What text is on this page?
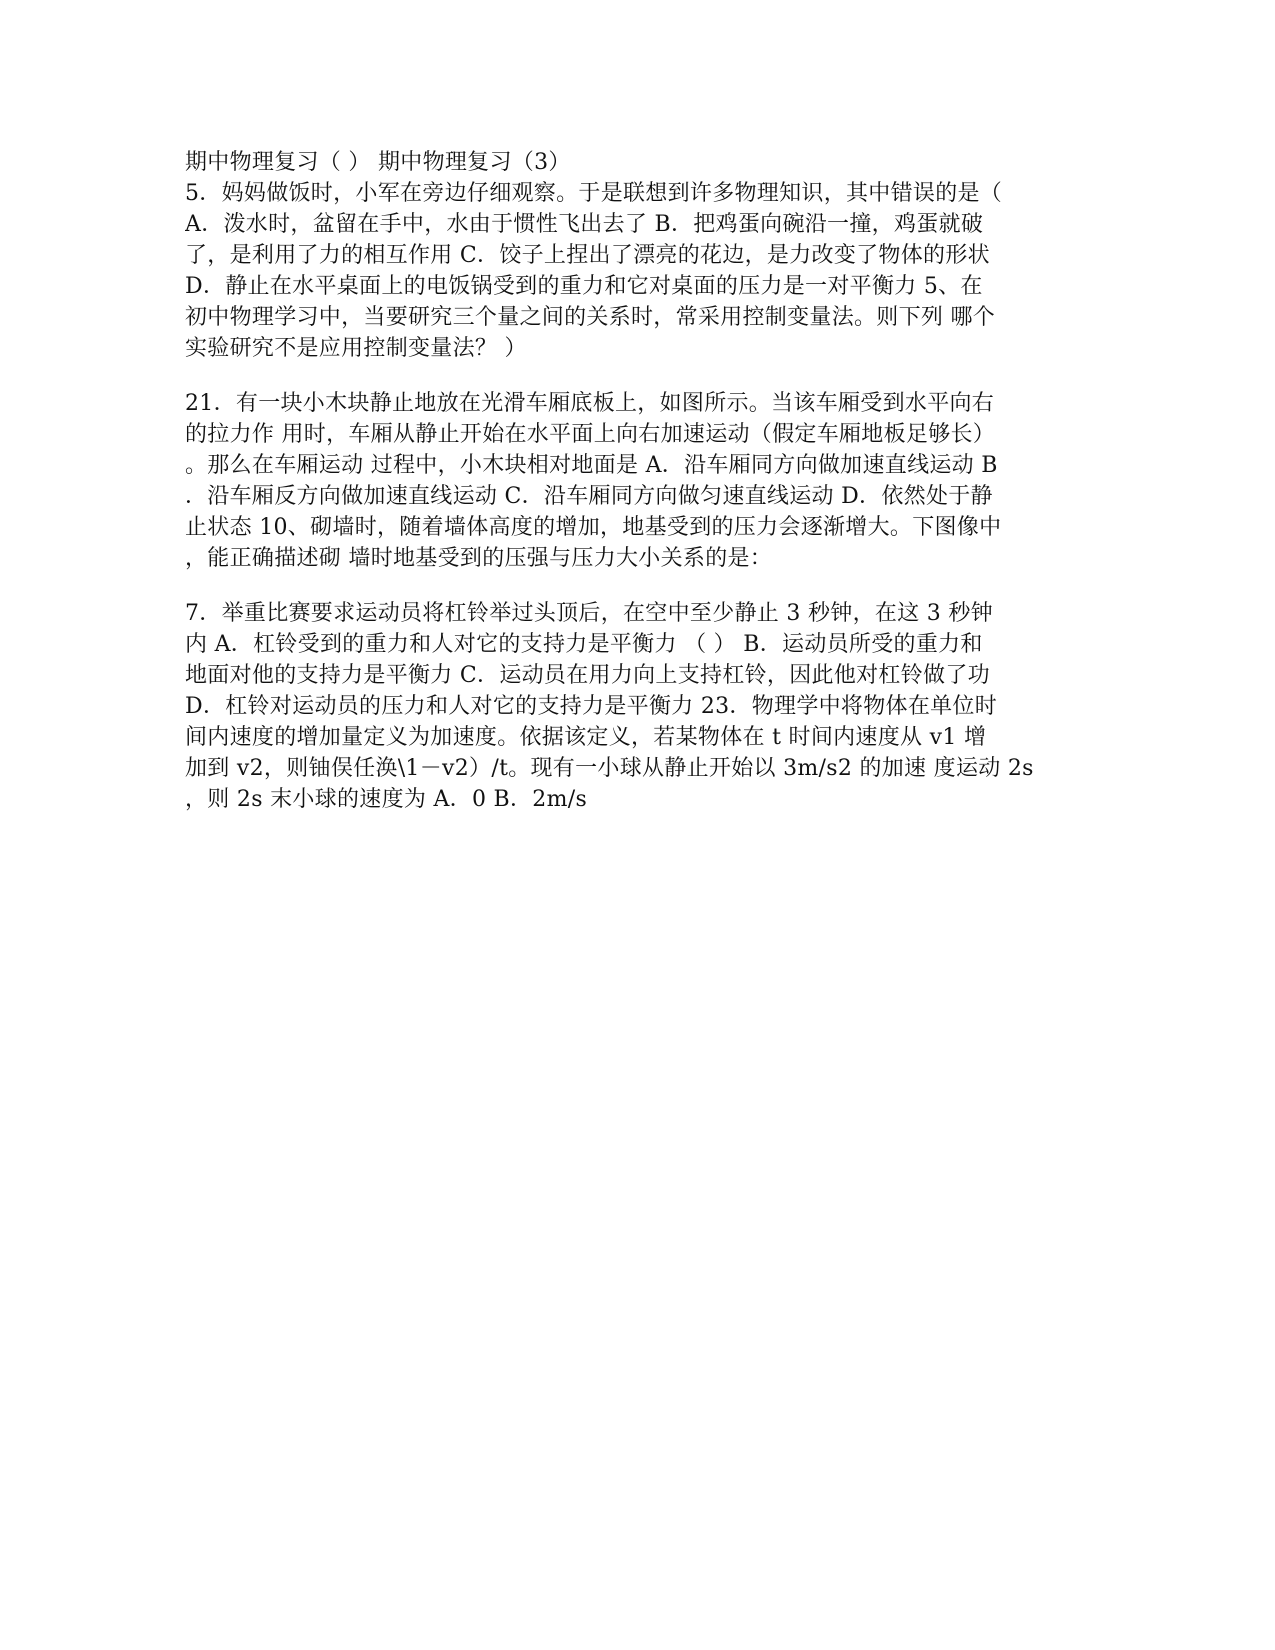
期中物理复习（ ） 期中物理复习（3）
5．妈妈做饭时，小军在旁边仔细观察。于是联想到许多物理知识，其中错误的是（
A．泼水时，盆留在手中，水由于惯性飞出去了 B．把鸡蛋向碗沿一撞，鸡蛋就破
了，是利用了力的相互作用 C．饺子上捏出了漂亮的花边，是力改变了物体的形状
D．静止在水平桌面上的电饭锅受到的重力和它对桌面的压力是一对平衡力 5、在
初中物理学习中，当要研究三个量之间的关系时，常采用控制变量法。则下列 哪个
实验研究不是应用控制变量法？ ）
21．有一块小木块静止地放在光滑车厢底板上，如图所示。当该车厢受到水平向右
的拉力作 用时，车厢从静止开始在水平面上向右加速运动（假定车厢地板足够长）
。那么在车厢运动 过程中，小木块相对地面是 A．沿车厢同方向做加速直线运动 B
．沿车厢反方向做加速直线运动 C．沿车厢同方向做匀速直线运动 D．依然处于静
止状态 10、砌墙时，随着墙体高度的增加，地基受到的压力会逐渐增大。下图像中
，能正确描述砌 墙时地基受到的压强与压力大小关系的是：
7．举重比赛要求运动员将杠铃举过头顶后，在空中至少静止 3 秒钟，在这 3 秒钟
内 A．杠铃受到的重力和人对它的支持力是平衡力 （ ） B．运动员所受的重力和
地面对他的支持力是平衡力 C．运动员在用力向上支持杠铃，因此他对杠铃做了功
D．杠铃对运动员的压力和人对它的支持力是平衡力 23．物理学中将物体在单位时
间内速度的增加量定义为加速度。依据该定义，若某物体在 t 时间内速度从 v1 增
加到 v2，则铀俣任涣\1－v2）/t。现有一小球从静止开始以 3m/s2 的加速 度运动 2s
，则 2s 末小球的速度为 A．0 B．2m/s
